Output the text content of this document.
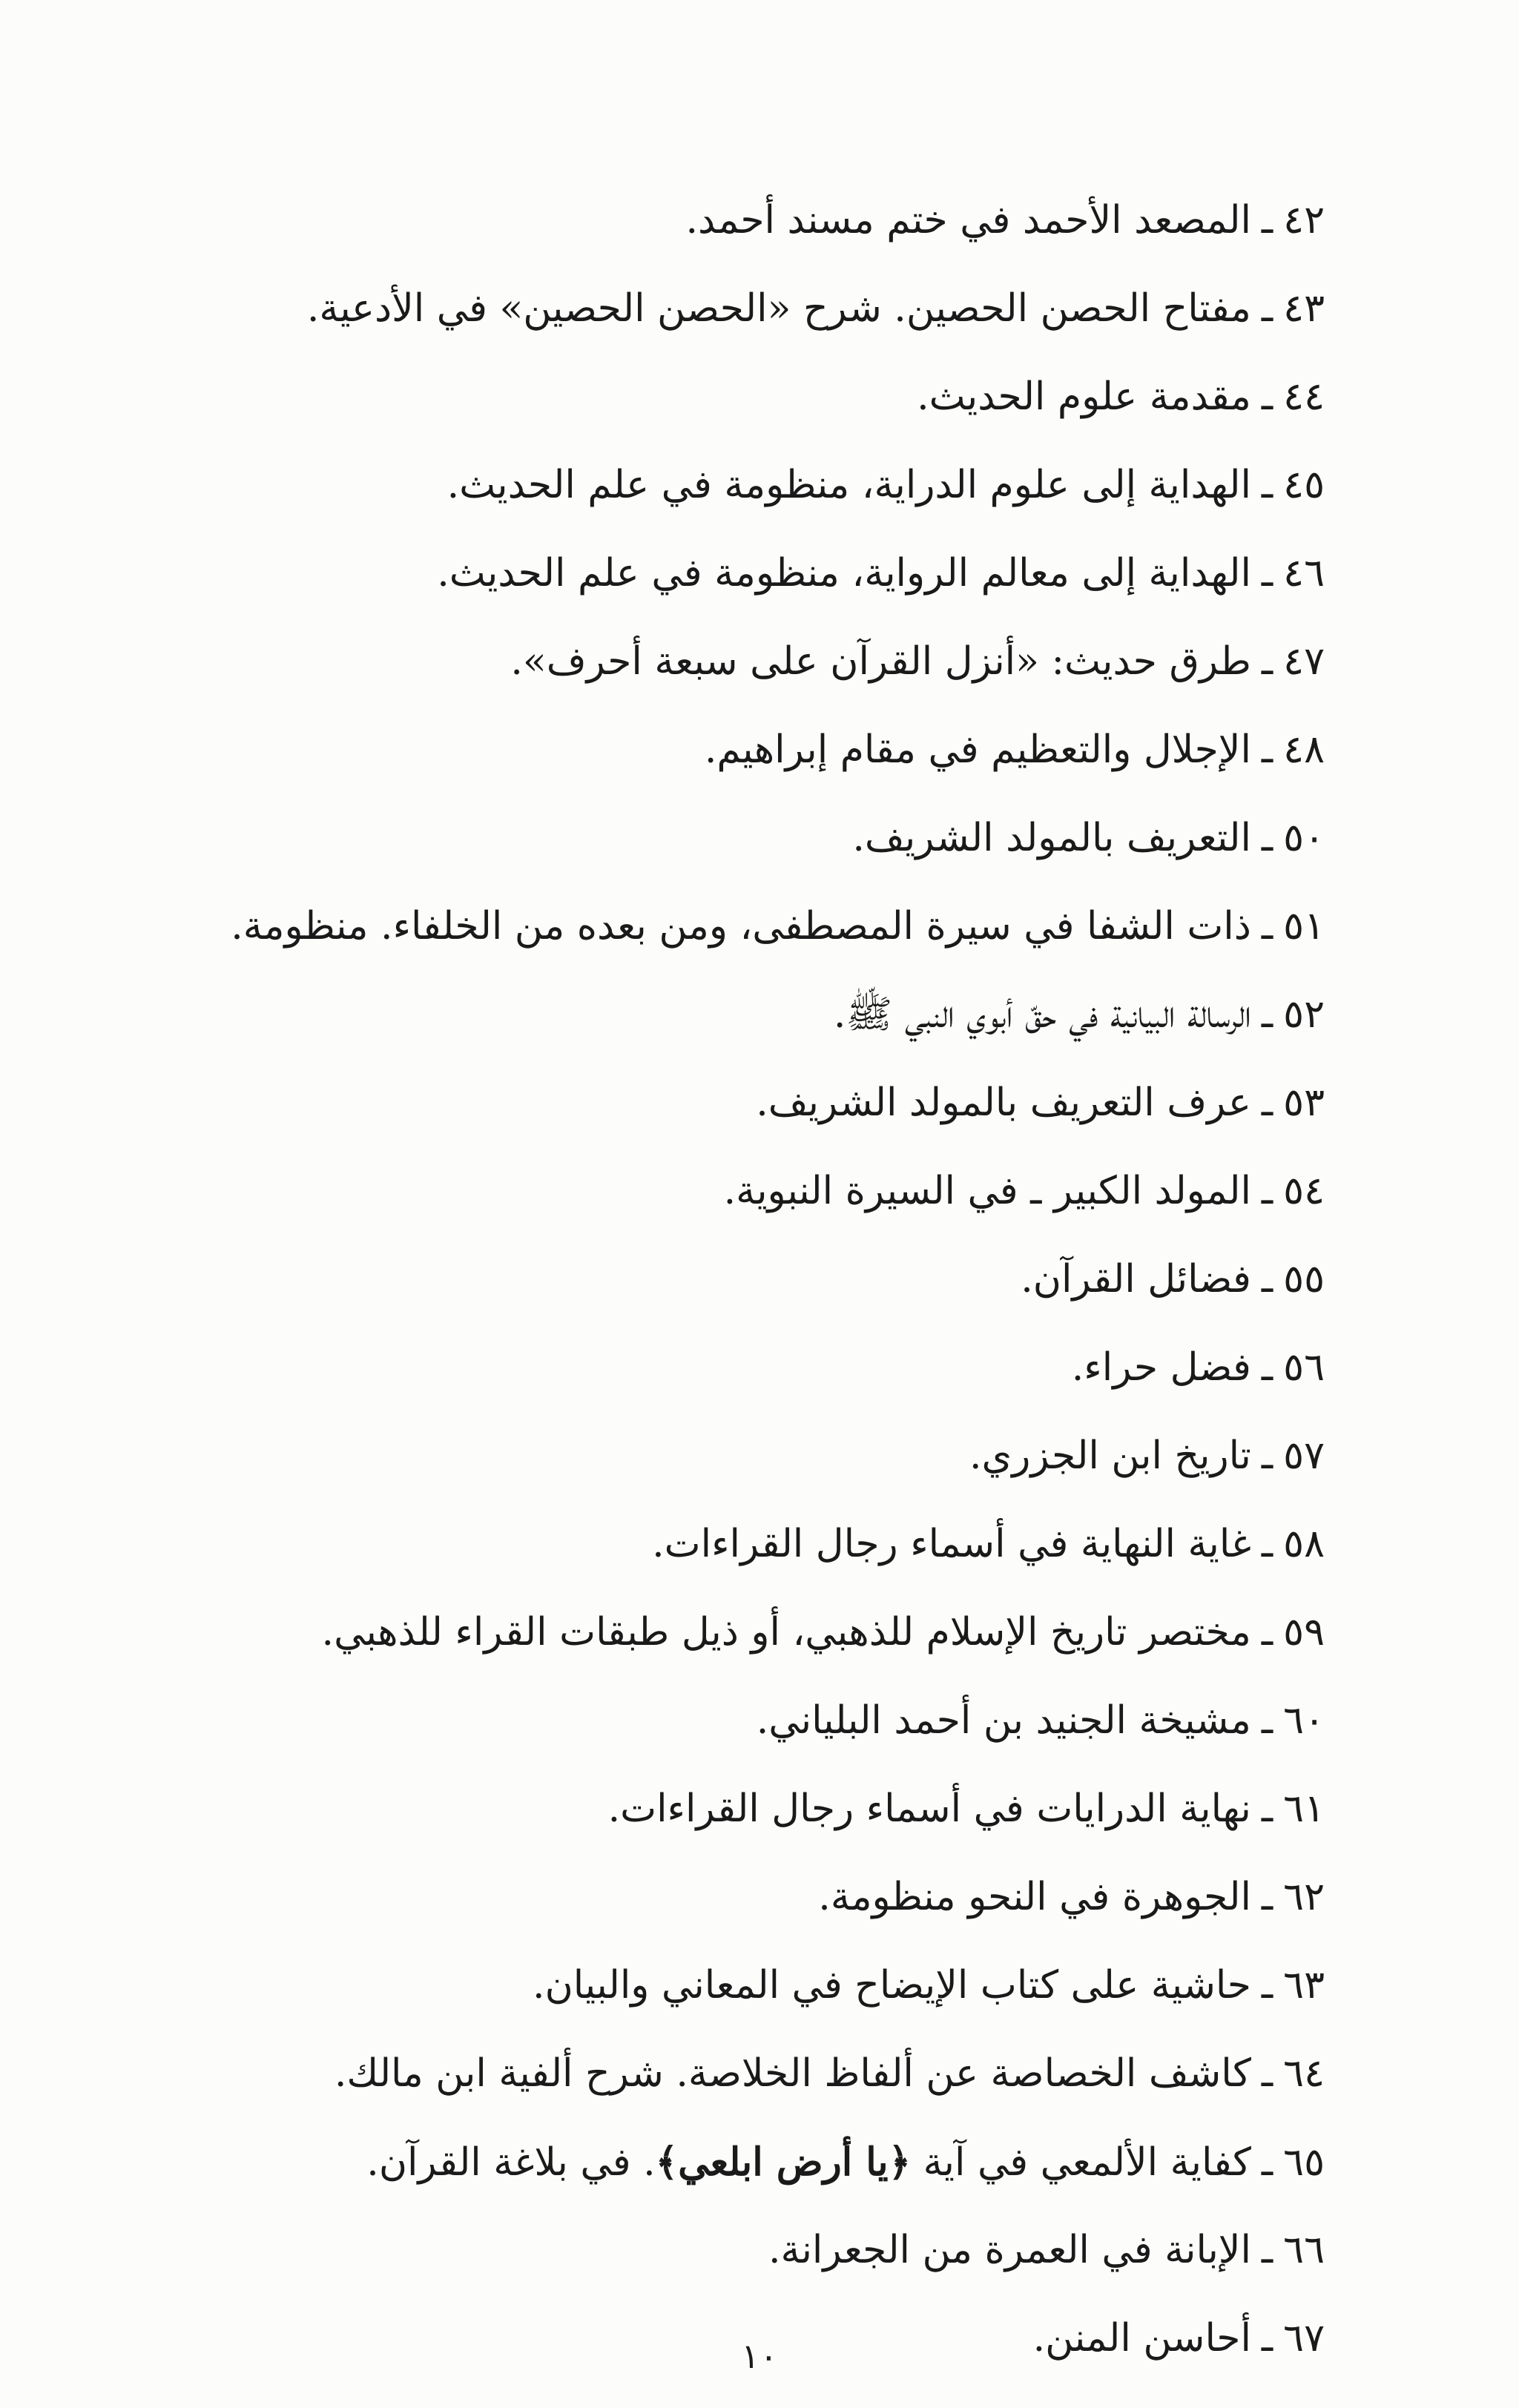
٤٢ـالمصعد الأحمد في ختم مسند أحمد.
٤٣ـمفتاح الحصن الحصين. شرح «الحصن الحصين» في الأدعية.
٤٤ـمقدمة علوم الحديث.
٤٥ـالهداية إلى علوم الدراية، منظومة في علم الحديث.
٤٦ـالهداية إلى معالم الرواية، منظومة في علم الحديث.
٤٧ـطرق حديث: «أنزل القرآن على سبعة أحرف».
٤٨ـالإجلال والتعظيم في مقام إبراهيم.
٥٠ـالتعريف بالمولد الشريف.
٥١ـذات الشفا في سيرة المصطفى، ومن بعده من الخلفاء. منظومة.
٥٢ـالرسالة البيانية في حقّ أبوي النبي ﷺ.
٥٣ـعرف التعريف بالمولد الشريف.
٥٤ـالمولد الكبير ـ في السيرة النبوية.
٥٥ـفضائل القرآن.
٥٦ـفضل حراء.
٥٧ـتاريخ ابن الجزري.
٥٨ـغاية النهاية في أسماء رجال القراءات.
٥٩ـمختصر تاريخ الإسلام للذهبي، أو ذيل طبقات القراء للذهبي.
٦٠ـمشيخة الجنيد بن أحمد البلياني.
٦١ـنهاية الدرايات في أسماء رجال القراءات.
٦٢ـالجوهرة في النحو منظومة.
٦٣ـحاشية على كتاب الإيضاح في المعاني والبيان.
٦٤ـكاشف الخصاصة عن ألفاظ الخلاصة. شرح ألفية ابن مالك.
٦٥ـكفاية الألمعي في آية ﴿يا أرض ابلعي﴾. في بلاغة القرآن.
٦٦ـالإبانة في العمرة من الجعرانة.
٦٧ـأحاسن المنن.
١٠
